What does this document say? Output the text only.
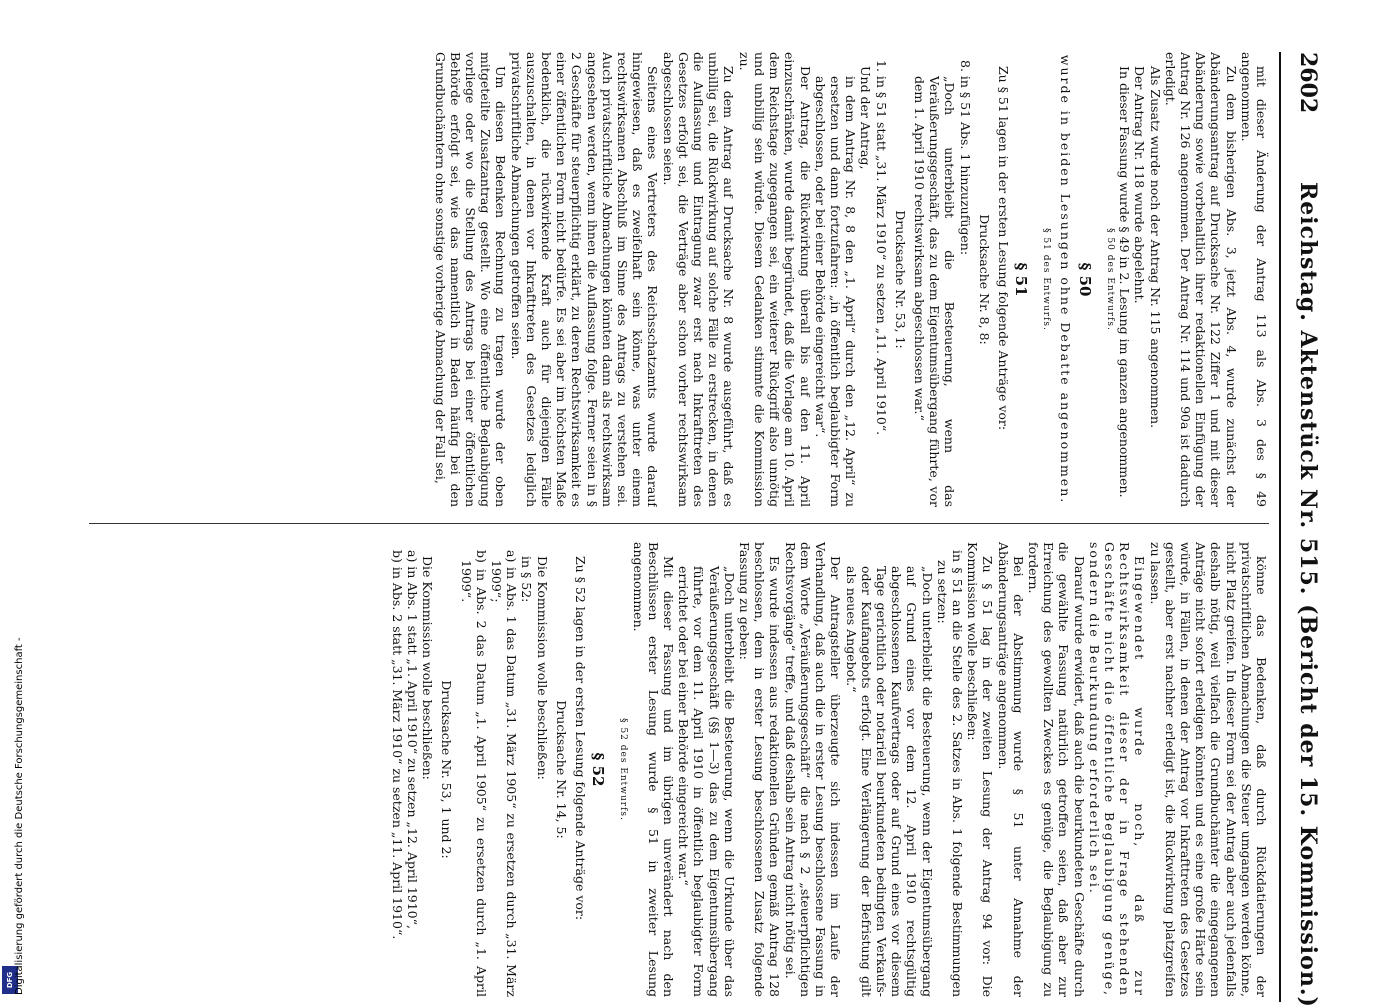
DFG Digitalisierung gefördert durch die Deutsche Forschungsgemeinschaft -
2602
Reichstag. Aktenstück Nr. 515. (Bericht der 15. Kommission.)

mit dieser Änderung der Antrag 113 als Abs. 3 des § 49 angenommen.

Zu dem bisherigen Abs. 3, jetzt Abs. 4, wurde zunächst der Abänderungsantrag auf Drucksache Nr. 122 Ziffer 1 und mit dieser Abänderung sowie vorbehaltlich ihrer redaktionellen Einfügung der Antrag Nr. 126 angenommen. Der Antrag Nr. 114 und 90a ist dadurch erledigt.

Als Zusatz wurde noch der Antrag Nr. 115 angenommen.

Der Antrag Nr. 118 wurde abgelehnt.

In dieser Fassung wurde § 49 in 2. Lesung im ganzen angenommen.

§ 50 des Entwurfs.
§ 50

wurde in beiden Lesungen ohne Debatte angenommen.

§ 51 des Entwurfs.
§ 51

Zu § 51 lagen in der ersten Lesung folgende Anträge vor:

Drucksache Nr. 8, 8:

8. in § 51 Abs. 1 hinzuzufügen:

„Doch unterbleibt die Besteuerung, wenn das Veräußerungsgeschäft, das zu dem Eigentumsübergang führte, vor dem 1. April 1910 rechtswirksam abgeschlossen war.“

Drucksache Nr. 53, 1:

1. in § 51 statt „31. März 1910“ zu setzen „11. April 1910“.

Und der Antrag,

in dem Antrag Nr. 8, 8 den „1. April“ durch den „12. April“ zu ersetzen und dann fortzufahren: „in öffentlich beglaubigter Form abgeschlossen, oder bei einer Behörde eingereicht war“.

Der Antrag, die Rückwirkung überall bis auf den 11. April einzuschränken, wurde damit begründet, daß die Vorlage am 10. April dem Reichstage zugegangen sei, ein weiterer Rückgriff also unnötig und unbillig sein würde. Diesem Gedanken stimmte die Kommission zu.

Zu dem Antrag auf Drucksache Nr. 8 wurde ausgeführt, daß es unbillig sei, die Rückwirkung auf solche Fälle zu erstrecken, in denen die Auflassung und Eintragung zwar erst nach Inkrafttreten des Gesetzes erfolgt sei, die Verträge aber schon vorher rechtswirksam abgeschlossen seien.

Seitens eines Vertreters des Reichsschatzamts wurde darauf hingewiesen, daß es zweifelhaft sein könne, was unter einem rechtswirksamen Abschluß im Sinne des Antrags zu verstehen sei. Auch privatschriftliche Abmachungen könnten dann als rechtswirksam angesehen werden, wenn ihnen die Auflassung folge. Ferner seien in § 2 Geschäfte für steuerpflichtig erklärt, zu deren Rechtswirksamkeit es einer öffentlichen Form nicht bedürfe. Es sei aber im höchsten Maße bedenklich, die rückwirkende Kraft auch für diejenigen Fälle auszuschalten, in denen vor Inkrafttreten des Gesetzes lediglich privatschriftliche Abmachungen getroffen seien.

Um diesen Bedenken Rechnung zu tragen wurde der oben mitgeteilte Zusatzantrag gestellt. Wo eine öffentliche Beglaubigung vorliege oder wo die Stellung des Antrags bei einer öffentlichen Behörde erfolgt sei, wie das namentlich in Baden häufig bei den Grundbuchämtern ohne sonstige vorherige Abmachung der Fall sei,

könne das Bedenken, daß durch Rückdatierungen der privatschriftlichen Abmachungen die Steuer umgangen werden könne, nicht Platz greifen. In dieser Form sei der Antrag aber auch jedenfalls deshalb nötig, weil vielfach die Grundbuchämter die eingegangenen Anträge nicht sofort erledigen könnten und es eine große Härte sein würde, in Fällen, in denen der Antrag vor Inkrafttreten des Gesetzes gestellt, aber erst nachher erledigt ist, die Rückwirkung platzgreifen zu lassen.

Eingewendet wurde noch, daß zur Rechtswirksamkeit dieser der in Frage stehenden Geschäfte nicht die öffentliche Beglaubigung genüge, sondern die Beurkundung erforderlich sei.

Darauf wurde erwidert, daß auch die beurkundeten Geschäfte durch die gewählte Fassung natürlich getroffen seien, daß aber zur Erreichung des gewollten Zweckes es genüge, die Beglaubigung zu fordern.

Bei der Abstimmung wurde § 51 unter Annahme der Abänderungsanträge angenommen.

Zu § 51 lag in der zweiten Lesung der Antrag 94 vor: Die Kommission wolle beschließen:

in § 51 an die Stelle des 2. Satzes in Abs. 1 folgende Bestimmungen zu setzen:

„Doch unterbleibt die Besteuerung, wenn der Eigentumsübergang auf Grund eines vor dem 12. April 1910 rechtsgültig abgeschlossenen Kaufvertrags oder auf Grund eines vor diesem Tage gerichtlich oder notariell beurkundeten bedingten Verkaufs- oder Kaufangebots erfolgt. Eine Verlängerung der Befristung gilt als neues Angebot.“

Der Antragsteller überzeugte sich indessen im Laufe der Verhandlung, daß auch die in erster Lesung beschlossene Fassung in dem Worte „Veräußerungsgeschäft“ die nach § 2 „steuerpflichtigen Rechtsvorgänge“ treffe, und daß deshalb sein Antrag nicht nötig sei.

Es wurde indessen aus redaktionellen Gründen gemäß Antrag 128 beschlossen, dem in erster Lesung beschlossenen Zusatz folgende Fassung zu geben:

„Doch unterbleibt die Besteuerung, wenn die Urkunde über das Veräußerungsgeschäft (§§ 1—3) das zu dem Eigentumsübergang führte, vor dem 11. April 1910 in öffentlich beglaubigter Form errichtet oder bei einer Behörde eingereicht war.“

Mit dieser Fassung und im übrigen unverändert nach den Beschlüssen erster Lesung wurde § 51 in zweiter Lesung angenommen.

§ 52 des Entwurfs.
§ 52

Zu § 52 lagen in der ersten Lesung folgende Anträge vor:

Drucksache Nr. 14, 5:

Die Kommission wolle beschließen:

in § 52:

a) in Abs. 1 das Datum „31. März 1905“ zu ersetzen durch „31. März 1909“;

b) in Abs. 2 das Datum „1. April 1905“ zu ersetzen durch „1. April 1909“.

Drucksache Nr. 53, 1 und 2:

Die Kommission wolle beschließen:

a) in Abs. 1 statt „1. April 1910“ zu setzen „12. April 1910“,

b) in Abs. 2 statt „31. März 1910“ zu setzen „11. April 1910“.
